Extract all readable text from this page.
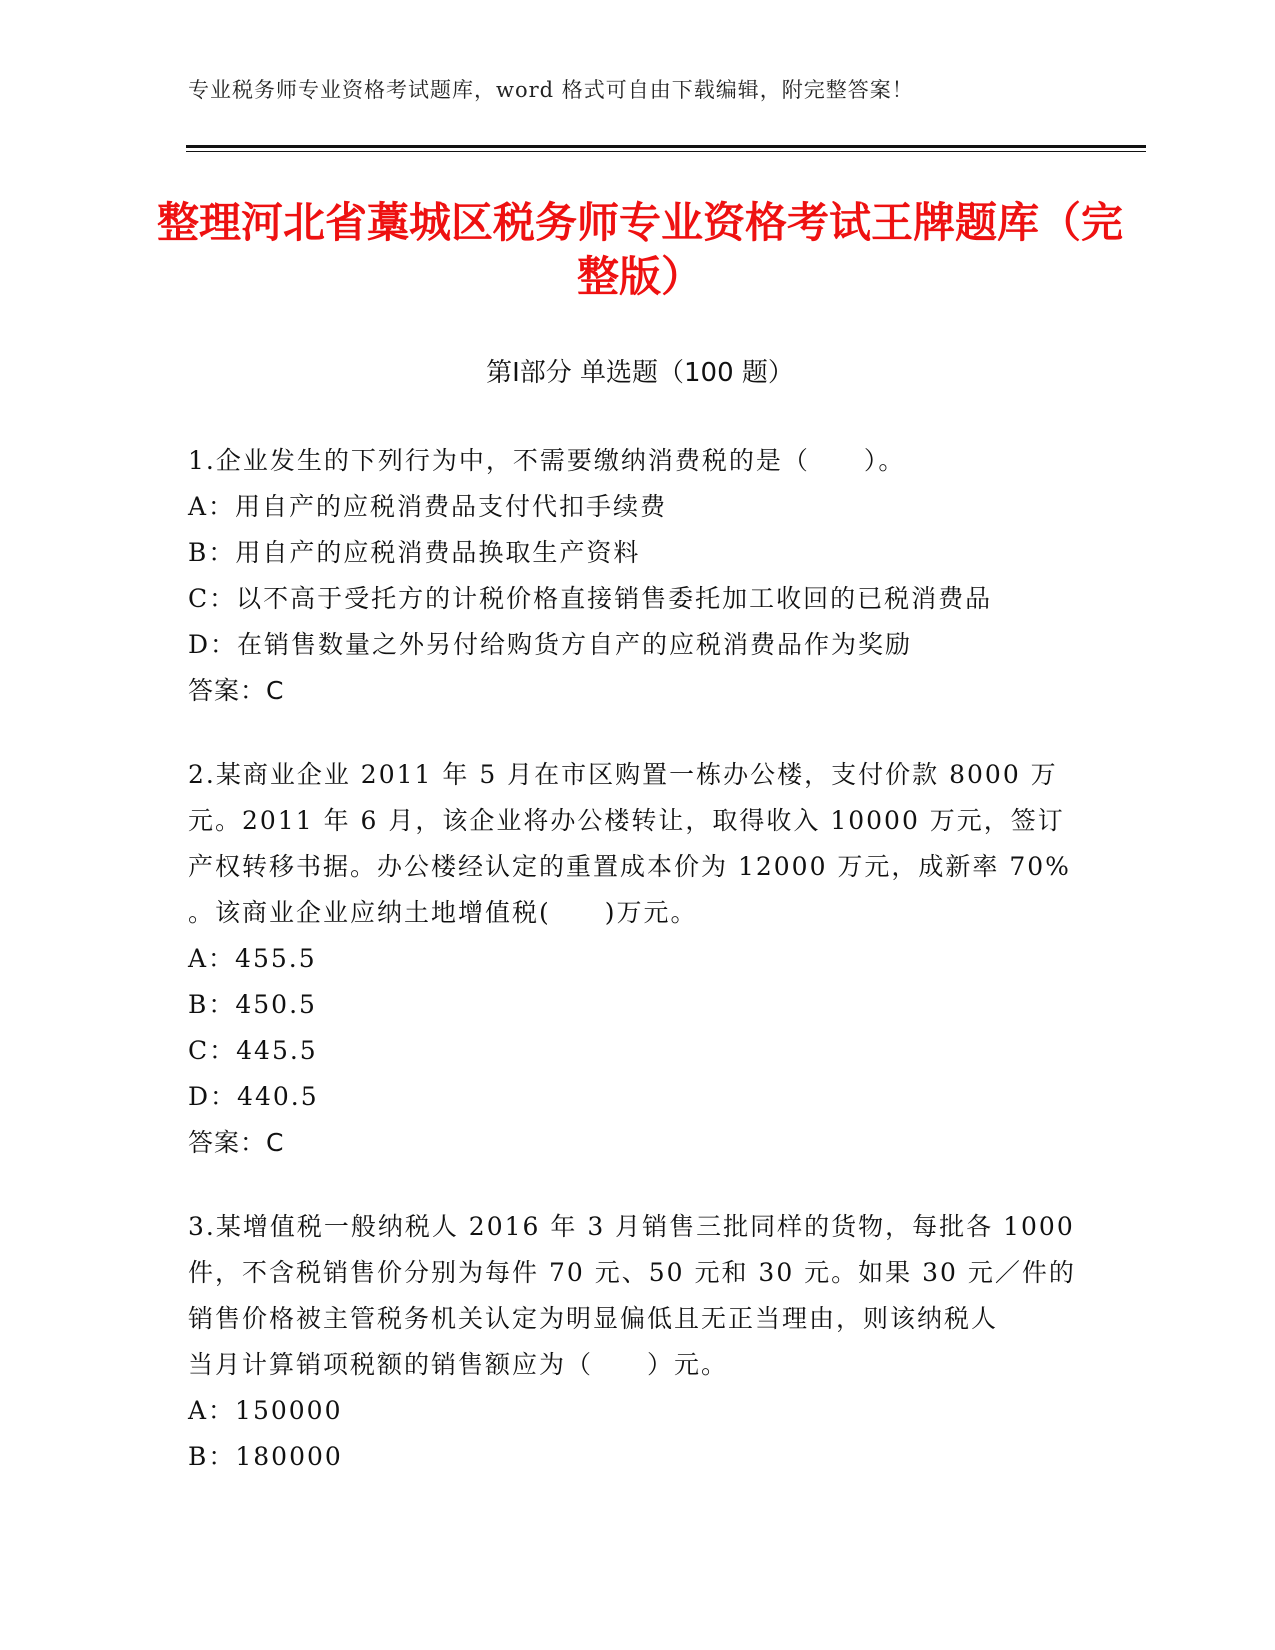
专业税务师专业资格考试题库，word 格式可自由下载编辑，附完整答案！
整理河北省藁城区税务师专业资格考试王牌题库（完整版）
第Ⅰ部分 单选题（100 题）
1.企业发生的下列行为中，不需要缴纳消费税的是（　　）。
A：用自产的应税消费品支付代扣手续费
B：用自产的应税消费品换取生产资料
C：以不高于受托方的计税价格直接销售委托加工收回的已税消费品
D：在销售数量之外另付给购货方自产的应税消费品作为奖励
答案：C
2.某商业企业 2011 年 5 月在市区购置一栋办公楼，支付价款 8000 万
元。2011 年 6 月，该企业将办公楼转让，取得收入 10000 万元，签订
产权转移书据。办公楼经认定的重置成本价为 12000 万元，成新率 70%
。该商业企业应纳土地增值税(　　)万元。
A：455.5
B：450.5
C：445.5
D：440.5
答案：C
3.某增值税一般纳税人 2016 年 3 月销售三批同样的货物，每批各 1000
件，不含税销售价分别为每件 70 元、50 元和 30 元。如果 30 元／件的
销售价格被主管税务机关认定为明显偏低且无正当理由，则该纳税人
当月计算销项税额的销售额应为（　　）元。
A：150000
B：180000
